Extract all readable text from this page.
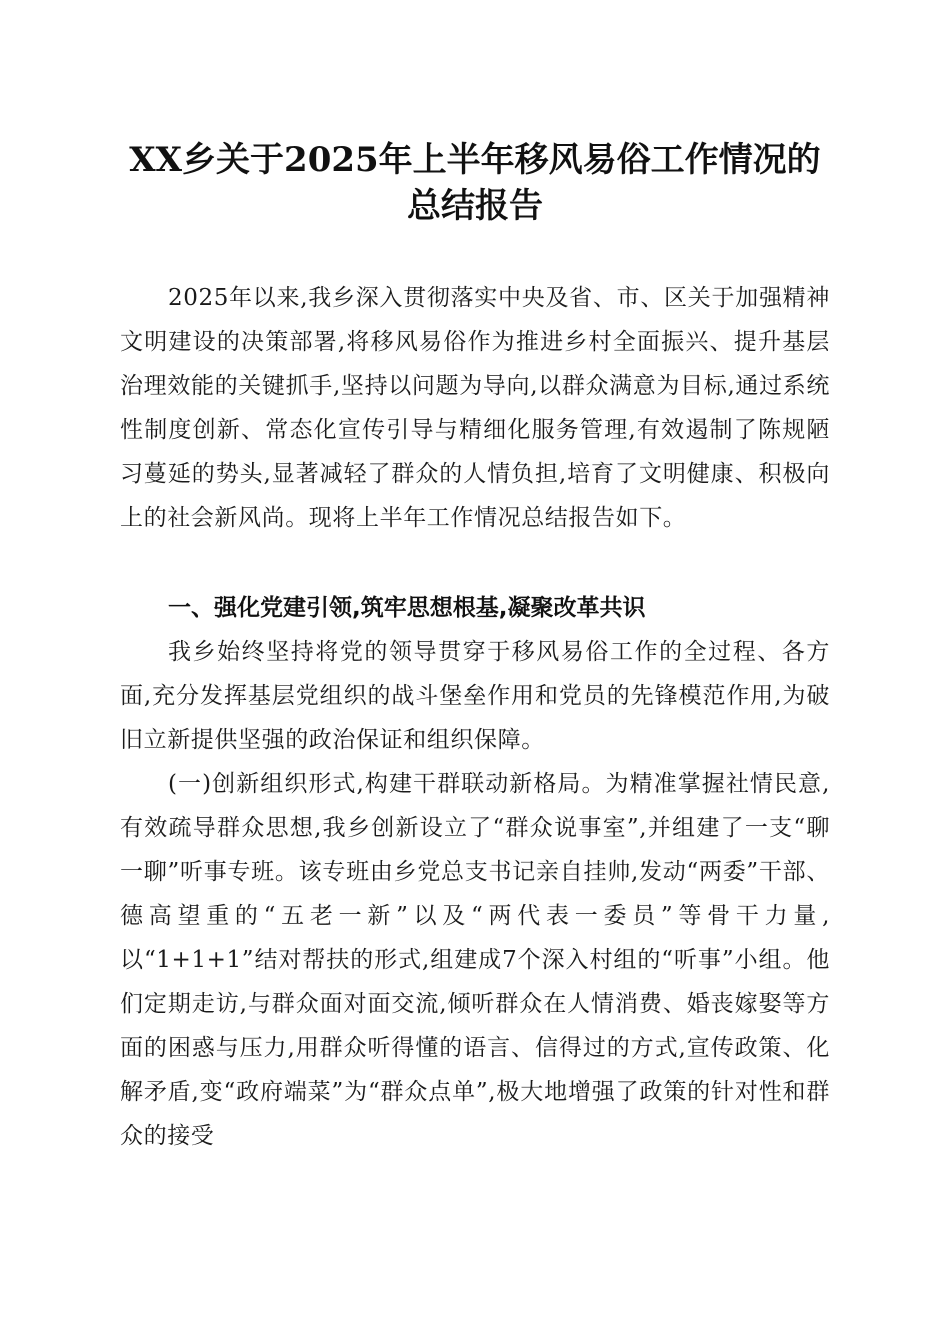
XX乡关于2025年上半年移风易俗工作情况的
总结报告

2025年以来,我乡深入贯彻落实中央及省、市、区关于加强精神文明建设的决策部署,将移风易俗作为推进乡村全面振兴、提升基层治理效能的关键抓手,坚持以问题为导向,以群众满意为目标,通过系统性制度创新、常态化宣传引导与精细化服务管理,有效遏制了陈规陋习蔓延的势头,显著减轻了群众的人情负担,培育了文明健康、积极向上的社会新风尚。现将上半年工作情况总结报告如下。

一、强化党建引领,筑牢思想根基,凝聚改革共识

我乡始终坚持将党的领导贯穿于移风易俗工作的全过程、各方面,充分发挥基层党组织的战斗堡垒作用和党员的先锋模范作用,为破旧立新提供坚强的政治保证和组织保障。

(一)创新组织形式,构建干群联动新格局。为精准掌握社情民意,有效疏导群众思想,我乡创新设立了“群众说事室”,并组建了一支“聊一聊”听事专班。该专班由乡党总支书记亲自挂帅,发动“两委”干部、德高望重的“五老一新”以及“两代表一委员”等骨干力量,以“1+1+1”结对帮扶的形式,组建成7个深入村组的“听事”小组。他们定期走访,与群众面对面交流,倾听群众在人情消费、婚丧嫁娶等方面的困惑与压力,用群众听得懂的语言、信得过的方式,宣传政策、化解矛盾,变“政府端菜”为“群众点单”,极大地增强了政策的针对性和群众的接受
